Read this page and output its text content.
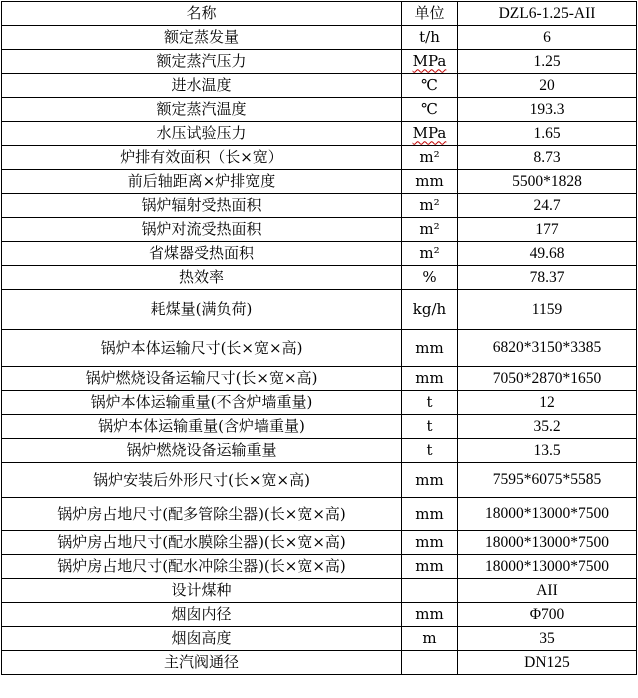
名称	单位	DZL6-1.25-AII
额定蒸发量	t/h	6
额定蒸汽压力	MPa	1.25
进水温度	℃	20
额定蒸汽温度	℃	193.3
水压试验压力	MPa	1.65
炉排有效面积（长×宽）	m²	8.73
前后轴距离×炉排宽度	mm	5500*1828
锅炉辐射受热面积	m²	24.7
锅炉对流受热面积	m²	177
省煤器受热面积	m²	49.68
热效率	%	78.37
耗煤量(满负荷)	kg/h	1159
锅炉本体运输尺寸(长×宽×高)	mm	6820*3150*3385
锅炉燃烧设备运输尺寸(长×宽×高)	mm	7050*2870*1650
锅炉本体运输重量(不含炉墙重量)	t	12
锅炉本体运输重量(含炉墙重量)	t	35.2
锅炉燃烧设备运输重量	t	13.5
锅炉安装后外形尺寸(长×宽×高)	mm	7595*6075*5585
锅炉房占地尺寸(配多管除尘器)(长×宽×高)	mm	18000*13000*7500
锅炉房占地尺寸(配水膜除尘器)(长×宽×高)	mm	18000*13000*7500
锅炉房占地尺寸(配水冲除尘器)(长×宽×高)	mm	18000*13000*7500
设计煤种		AII
烟囱内径	mm	Φ700
烟囱高度	m	35
主汽阀通径		DN125
